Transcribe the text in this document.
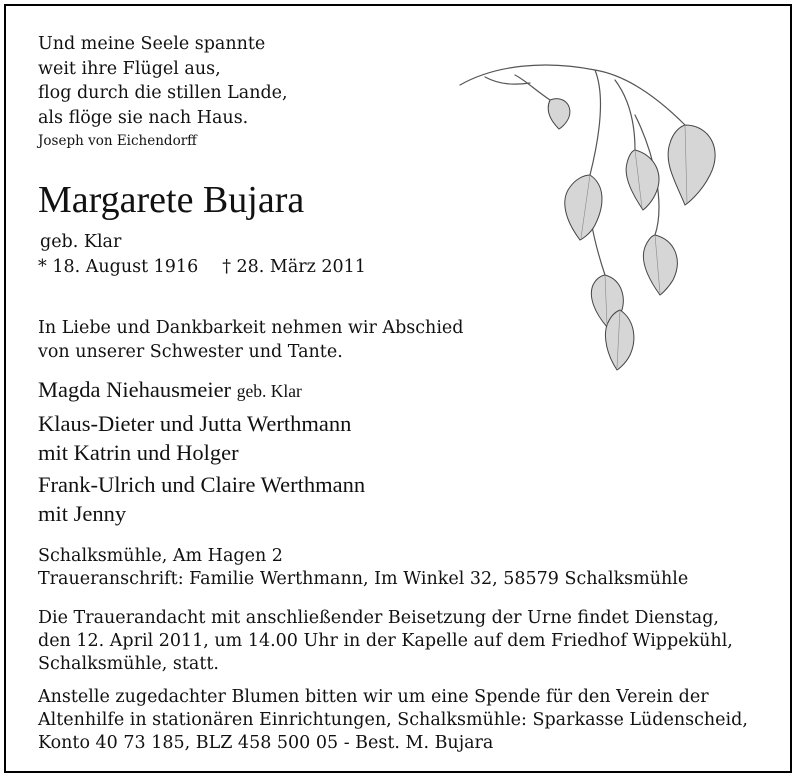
Und meine Seele spannte
weit ihre Flügel aus,
flog durch die stillen Lande,
als flöge sie nach Haus.
Joseph von Eichendorff
Margarete Bujara
geb. Klar
* 18. August 1916 † 28. März 2011
In Liebe und Dankbarkeit nehmen wir Abschied
von unserer Schwester und Tante.
Magda Niehausmeier geb. Klar
Klaus-Dieter und Jutta Werthmann
mit Katrin und Holger
Frank-Ulrich und Claire Werthmann
mit Jenny
Schalksmühle, Am Hagen 2
Traueranschrift: Familie Werthmann, Im Winkel 32, 58579 Schalksmühle
Die Trauerandacht mit anschließender Beisetzung der Urne findet Dienstag,
den 12. April 2011, um 14.00 Uhr in der Kapelle auf dem Friedhof Wippekühl,
Schalksmühle, statt.
Anstelle zugedachter Blumen bitten wir um eine Spende für den Verein der
Altenhilfe in stationären Einrichtungen, Schalksmühle: Sparkasse Lüdenscheid,
Konto 40 73 185, BLZ 458 500 05 - Best. M. Bujara
